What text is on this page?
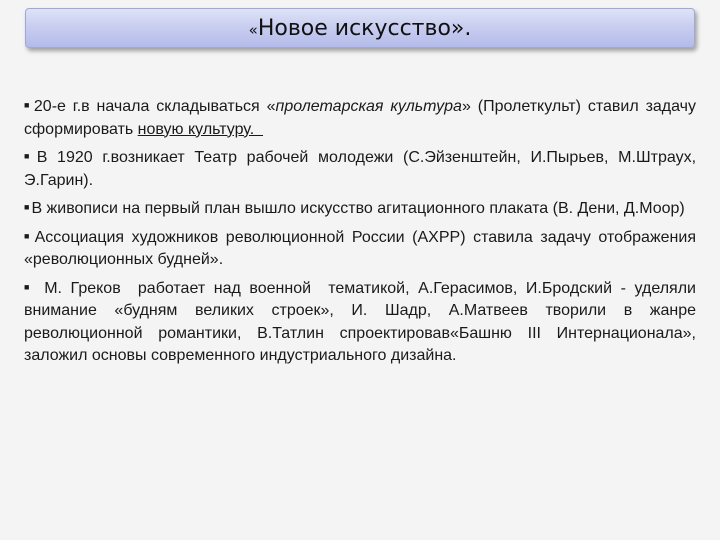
«Новое искусство».

■ 20-е г.в начала складываться «пролетарская культура» (Пролеткульт) ставил задачу сформировать новую культуру.

■ В 1920 г.возникает Театр рабочей молодежи (С.Эйзенштейн, И.Пырьев, М.Штраух, Э.Гарин).

■ В живописи на первый план вышло искусство агитационного плаката (В. Дени, Д.Моор)

■ Ассоциация художников революционной России (АХРР) ставила задачу отображения «революционных будней».

■ М. Греков  работает над военной  тематикой, А.Герасимов, И.Бродский - уделяли внимание «будням великих строек», И. Шадр, А.Матвеев творили в жанре революционной романтики, В.Татлин спроектировав«Башню III Интернационала», заложил основы современного индустриального дизайна.
